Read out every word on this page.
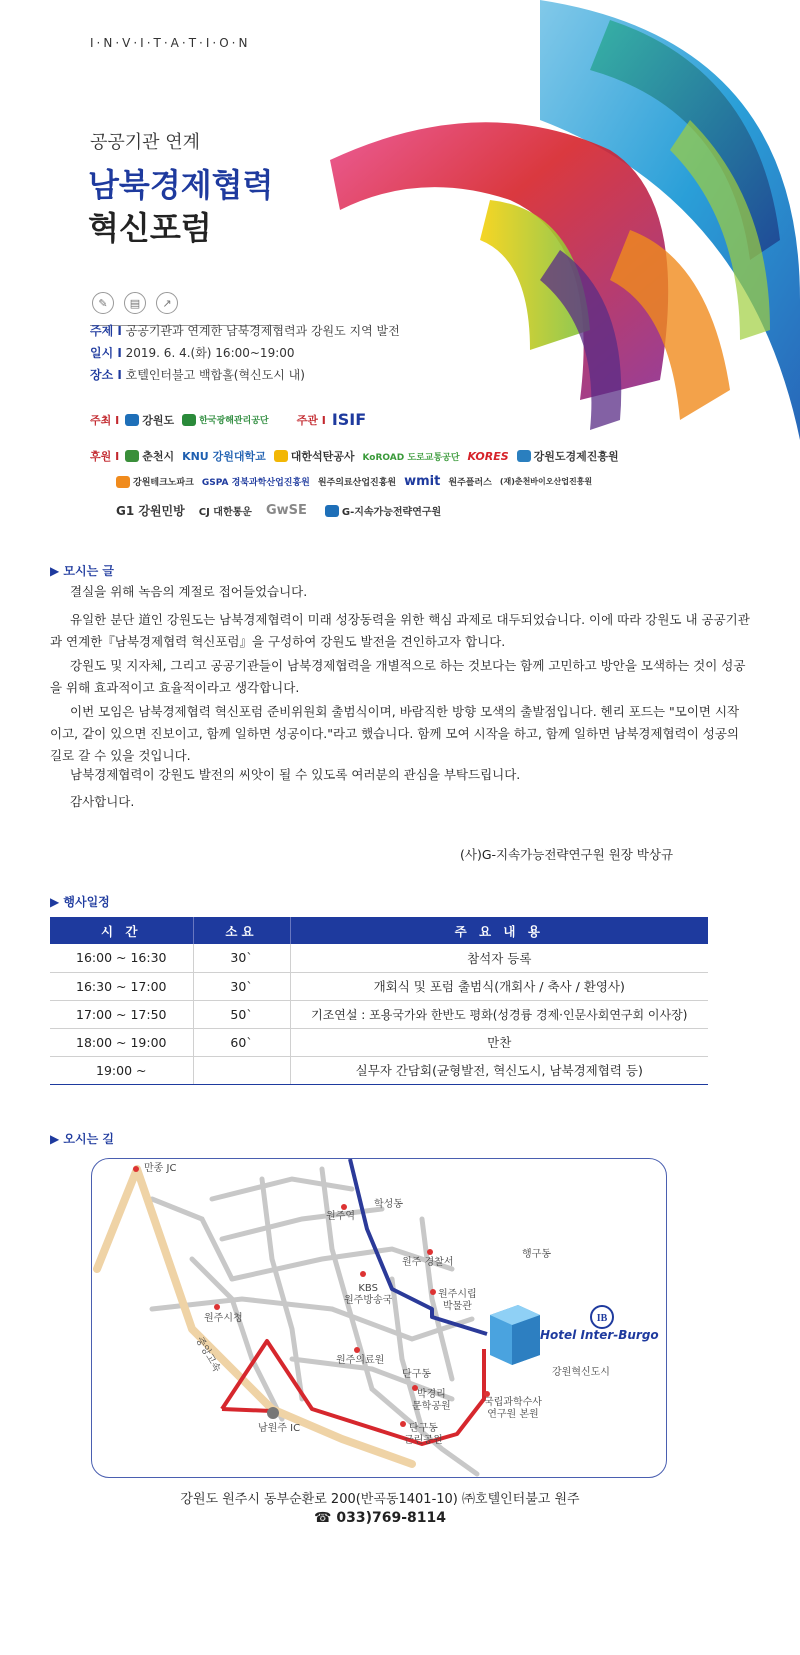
I·N·V·I·T·A·T·I·O·N
공공기관 연계
남북경제협력
혁신포럼
✎	▤	↗
주제 I 공공기관과 연계한 남북경제협력과 강원도 지역 발전
일시 I 2019. 6. 4.(화) 16:00~19:00
장소 I 호텔인터불고 백합홀(혁신도시 내)
주최 I 강원도	한국광해관리공단	주관 I ISIF
후원 I 춘천시 KNU 강원대학교 대한석탄공사 KoROAD 도로교통공단 KORES 강원도경제진흥원
강원테크노파크 GSPA 경북과학산업진흥원 원주의료산업진흥원 wmit 원주플러스 (재)춘천바이오산업진흥원
G1 강원민방 CJ 대한통운 GwSE	G-지속가능전략연구원
▶ 모시는 글
결실을 위해 녹음의 계절로 접어들었습니다.
유일한 분단 道인 강원도는 남북경제협력이 미래 성장동력을 위한 핵심 과제로 대두되었습니다. 이에 따라 강원도 내 공공기관과 연계한『남북경제협력 혁신포럼』을 구성하여 강원도 발전을 견인하고자 합니다.
강원도 및 지자체, 그리고 공공기관들이 남북경제협력을 개별적으로 하는 것보다는 함께 고민하고 방안을 모색하는 것이 성공을 위해 효과적이고 효율적이라고 생각합니다.
이번 모임은 남북경제협력 혁신포럼 준비위원회 출범식이며, 바람직한 방향 모색의 출발점입니다. 헨리 포드는 "모이면 시작이고, 같이 있으면 진보이고, 함께 일하면 성공이다."라고 했습니다. 함께 모여 시작을 하고, 함께 일하면 남북경제협력이 성공의 길로 갈 수 있을 것입니다.
남북경제협력이 강원도 발전의 씨앗이 될 수 있도록 여러분의 관심을 부탁드립니다.
감사합니다.
(사)G-지속가능전략연구원 원장 박상규
▶ 행사일정
시 간	소요	주 요 내 용
16:00 ~ 16:30	30`	참석자 등록
16:30 ~ 17:00	30`	개회식 및 포럼 출범식(개회사 / 축사 / 환영사)
17:00 ~ 17:50	50`	기조연설 : 포용국가와 한반도 평화(성경륭 경제·인문사회연구회 이사장)
18:00 ~ 19:00	60`	만찬
19:00 ~		실무자 간담회(균형발전, 혁신도시, 남북경제협력 등)
▶ 오시는 길
IB
만종 JC
원주역
학성동
원주 경찰서
행구동
KBS
원주방송국
원주시립
박물관
원주시청
Hotel Inter-Burgo
중앙고속	원주의료원
단구동
박경리
문학공원
강원혁신도시
국립과학수사
연구원 본원
남원주 IC	단구동
근린공원
강원도 원주시 동부순환로 200(반곡동1401-10) ㈜호텔인터불고 원주
☎ 033)769-8114
